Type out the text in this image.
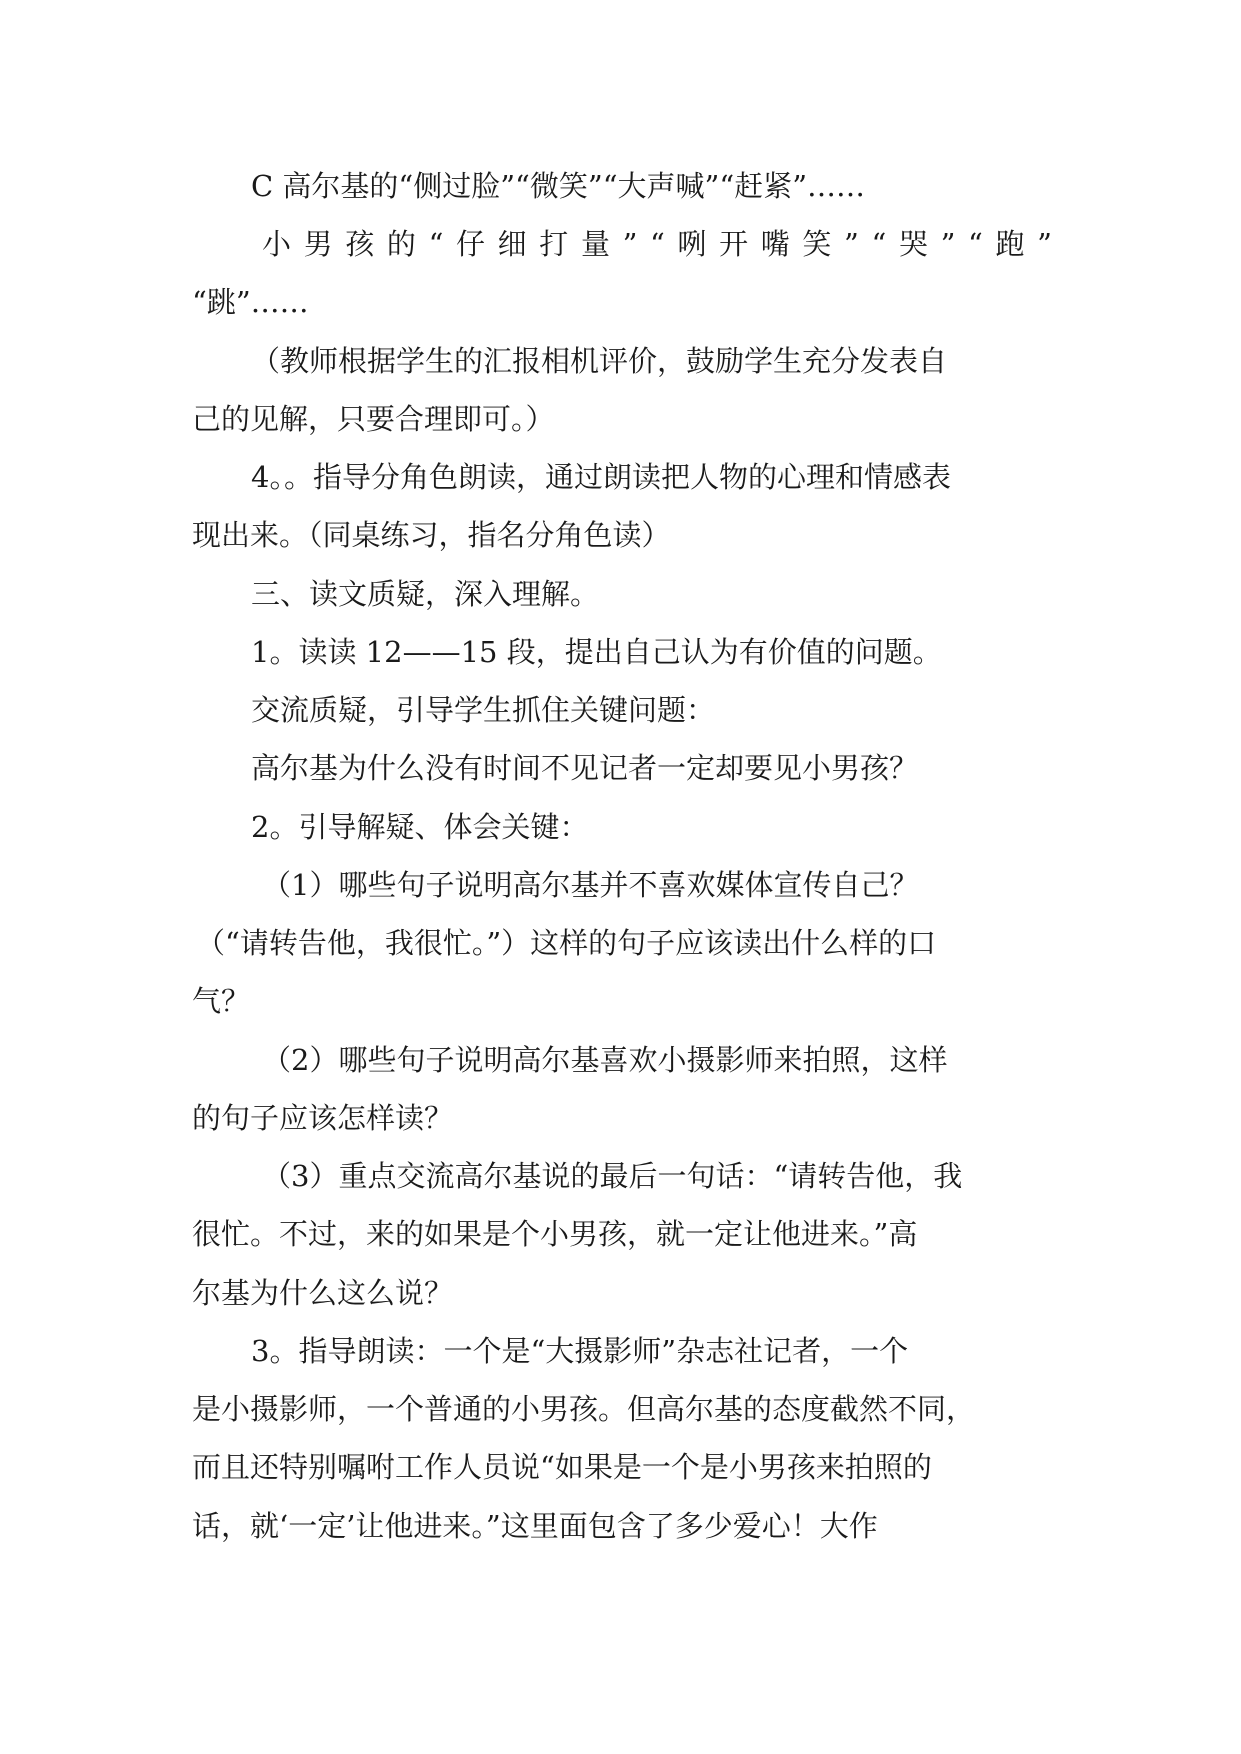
C 高尔基的“侧过脸”“微笑”“大声喊”“赶紧”……
小 男 孩 的 “ 仔 细 打 量 ” “ 咧 开 嘴 笑 ” “ 哭 ” “ 跑 ”
“跳”……
（教师根据学生的汇报相机评价，鼓励学生充分发表自
己的见解，只要合理即可。）
4。。指导分角色朗读，通过朗读把人物的心理和情感表
现出来。（同桌练习，指名分角色读）
三、读文质疑，深入理解。
1。读读 12——15 段，提出自己认为有价值的问题。
交流质疑，引导学生抓住关键问题：
高尔基为什么没有时间不见记者一定却要见小男孩？
2。引导解疑、体会关键：
（1）哪些句子说明高尔基并不喜欢媒体宣传自己？
（“请转告他，我很忙。”）这样的句子应该读出什么样的口
气？
（2）哪些句子说明高尔基喜欢小摄影师来拍照，这样
的句子应该怎样读？
（3）重点交流高尔基说的最后一句话：“请转告他，我
很忙。不过，来的如果是个小男孩，就一定让他进来。”高
尔基为什么这么说？
3。指导朗读：一个是“大摄影师”杂志社记者，一个
是小摄影师，一个普通的小男孩。但高尔基的态度截然不同，
而且还特别嘱咐工作人员说“如果是一个是小男孩来拍照的
话，就‘一定’让他进来。”这里面包含了多少爱心！大作
